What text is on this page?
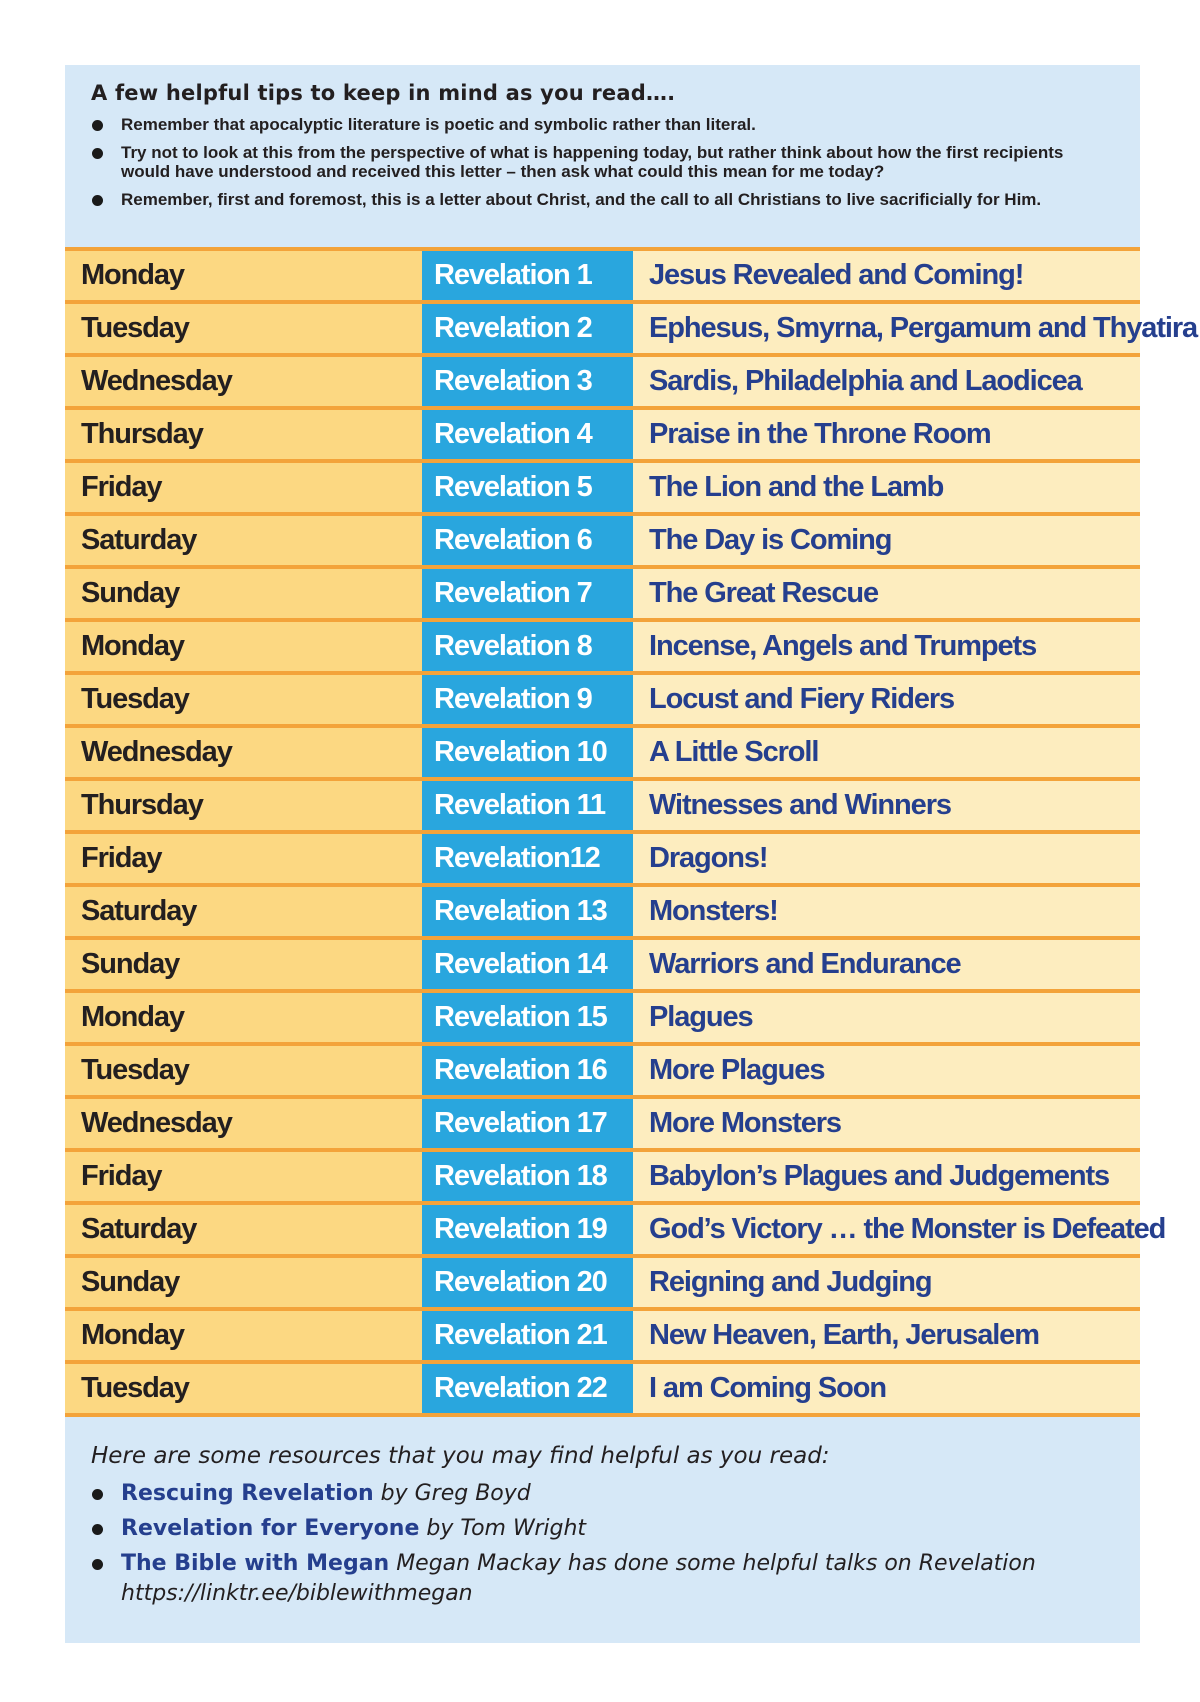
A few helpful tips to keep in mind as you read….

Remember that apocalyptic literature is poetic and symbolic rather than literal.
Try not to look at this from the perspective of what is happening today, but rather think about how the first recipients would have understood and received this letter – then ask what could this mean for me today?
Remember, first and foremost, this is a letter about Christ, and the call to all Christians to live sacrificially for Him.
Monday	Revelation 1	Jesus Revealed and Coming!
Tuesday	Revelation 2	Ephesus, Smyrna, Pergamum and Thyatira
Wednesday	Revelation 3	Sardis, Philadelphia and Laodicea
Thursday	Revelation 4	Praise in the Throne Room
Friday	Revelation 5	The Lion and the Lamb
Saturday	Revelation 6	The Day is Coming
Sunday	Revelation 7	The Great Rescue
Monday	Revelation 8	Incense, Angels and Trumpets
Tuesday	Revelation 9	Locust and Fiery Riders
Wednesday	Revelation 10	A Little Scroll
Thursday	Revelation 11	Witnesses and Winners
Friday	Revelation12	Dragons!
Saturday	Revelation 13	Monsters!
Sunday	Revelation 14	Warriors and Endurance
Monday	Revelation 15	Plagues
Tuesday	Revelation 16	More Plagues
Wednesday	Revelation 17	More Monsters
Friday	Revelation 18	Babylon’s Plagues and Judgements
Saturday	Revelation 19	God’s Victory … the Monster is Defeated
Sunday	Revelation 20	Reigning and Judging
Monday	Revelation 21	New Heaven, Earth, Jerusalem
Tuesday	Revelation 22	I am Coming Soon

Here are some resources that you may find helpful as you read:

Rescuing Revelation by Greg Boyd
Revelation for Everyone by Tom Wright
The Bible with Megan Megan Mackay has done some helpful talks on Revelation
https://linktr.ee/biblewithmegan
